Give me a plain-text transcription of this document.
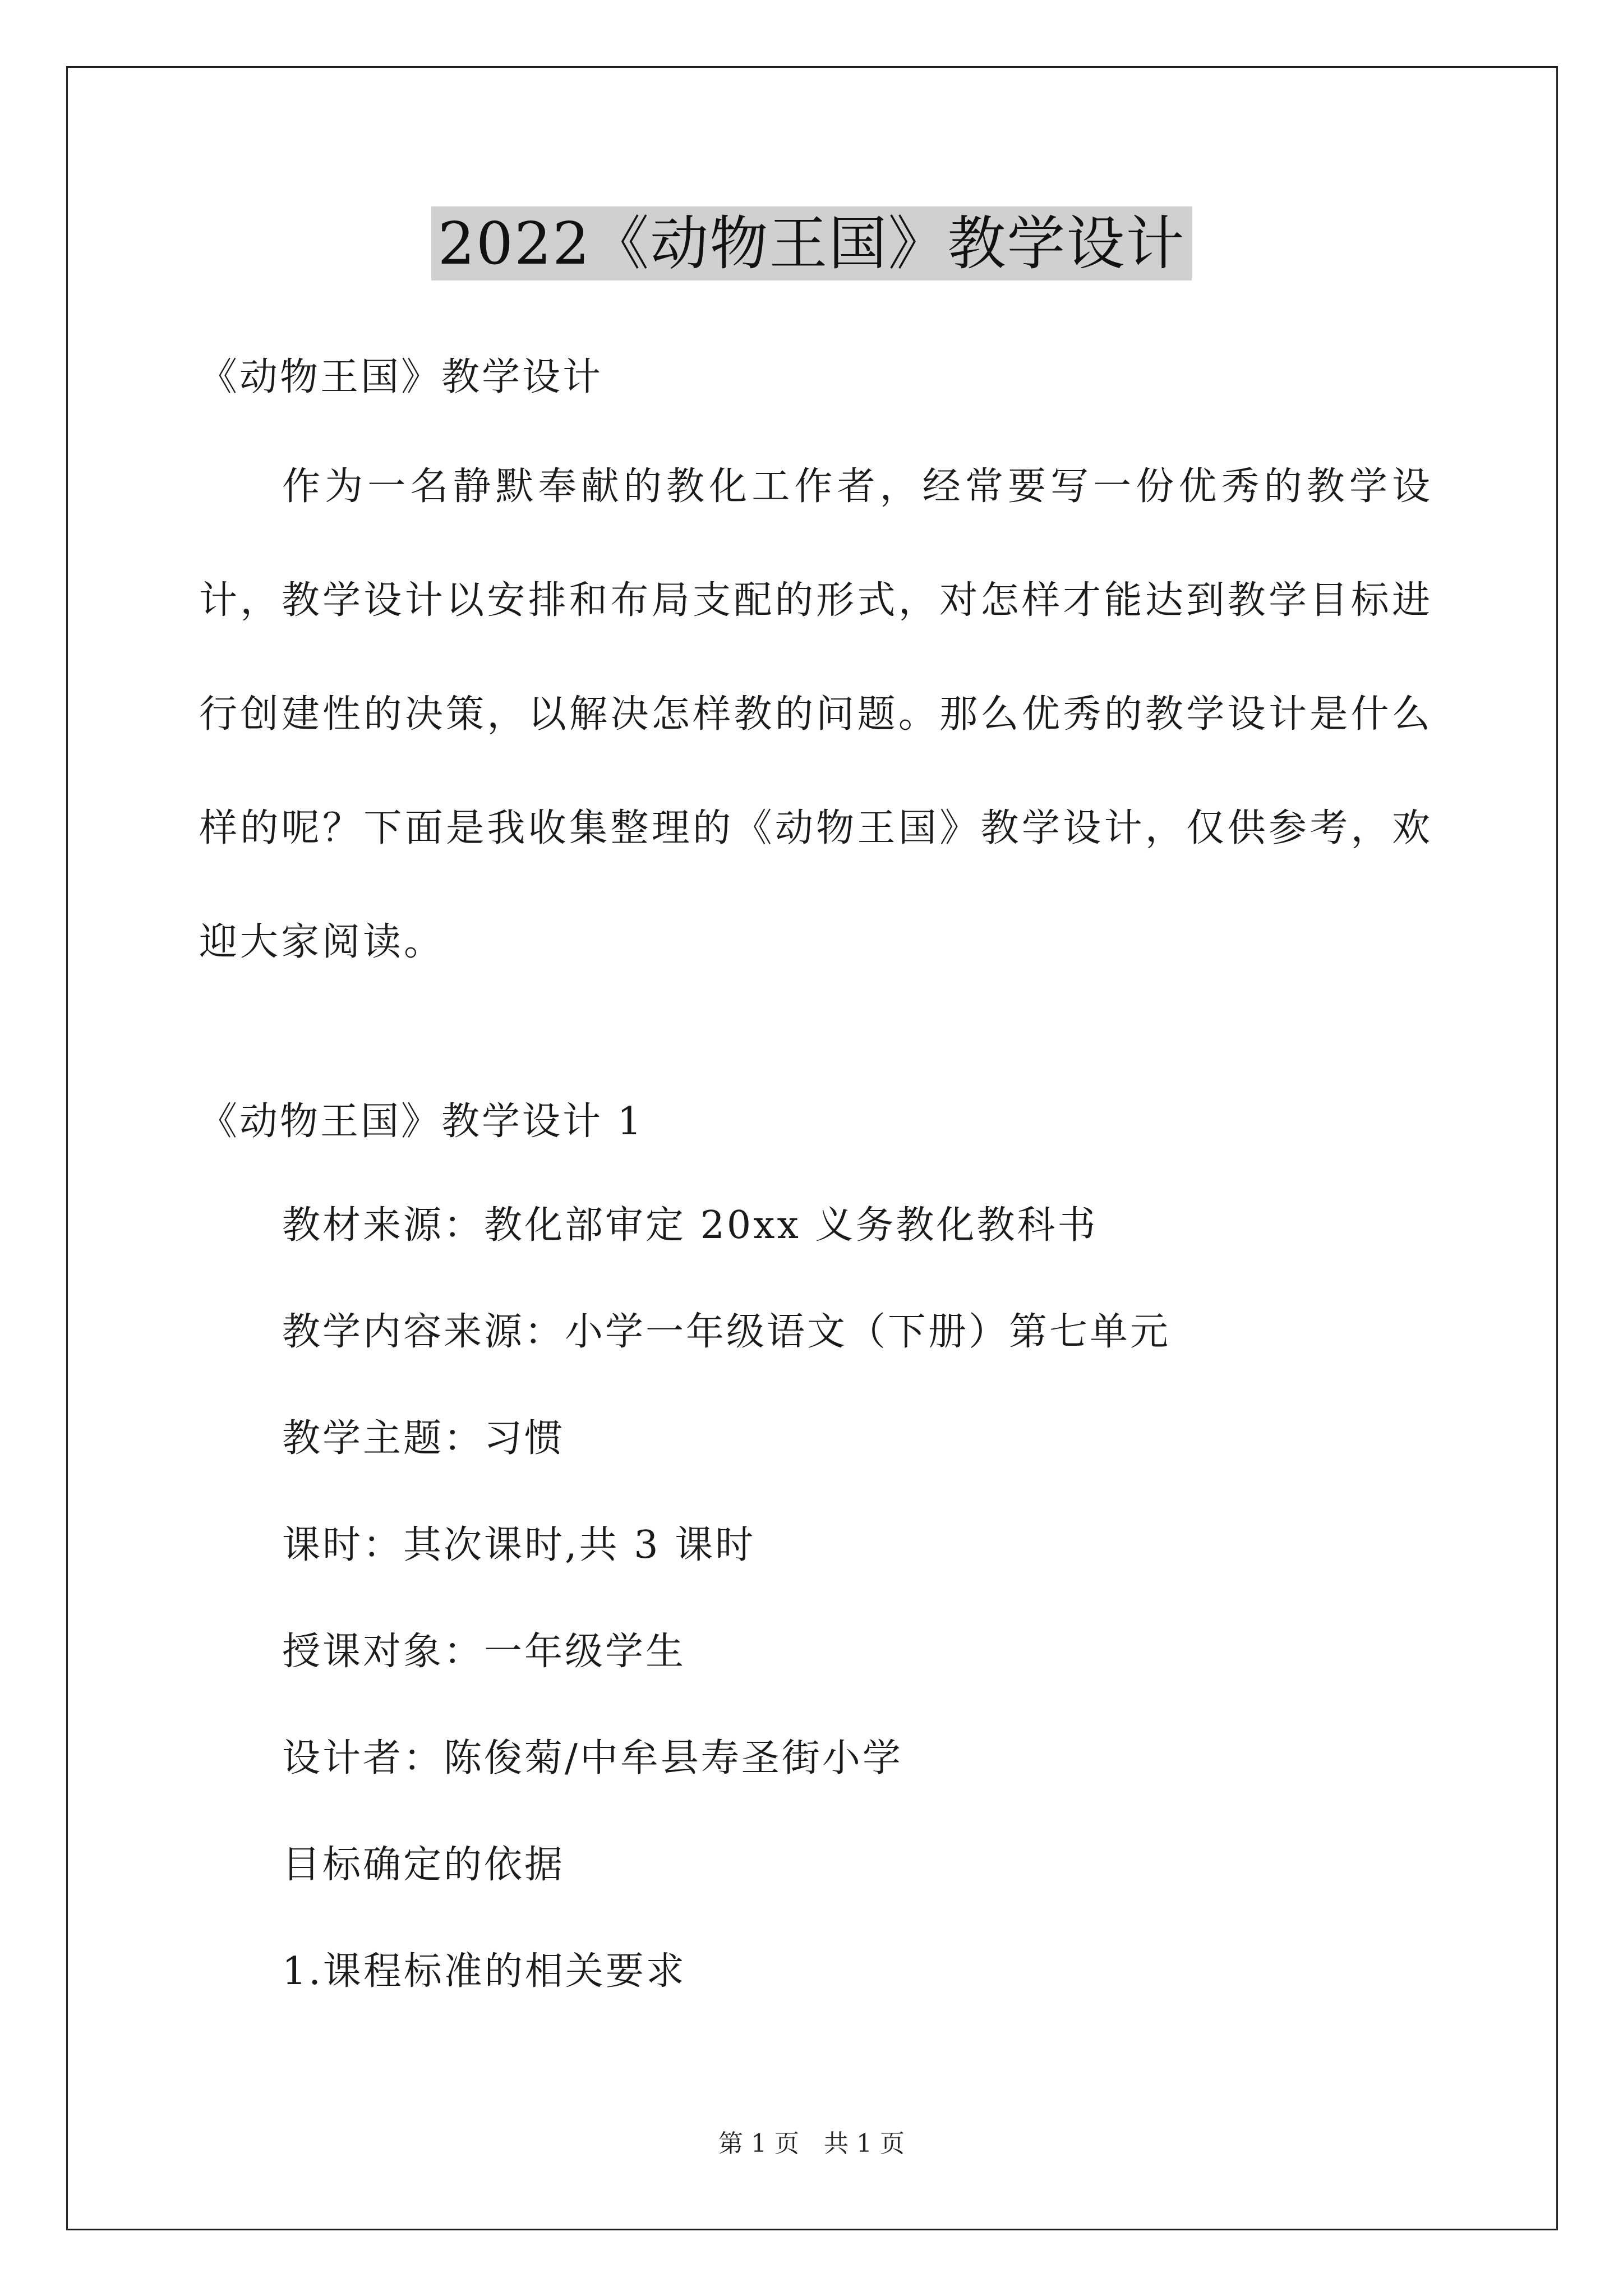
2022《动物王国》教学设计
《动物王国》教学设计
作为一名静默奉献的教化工作者，经常要写一份优秀的教学设计，教学设计以安排和布局支配的形式，对怎样才能达到教学目标进行创建性的决策，以解决怎样教的问题。那么优秀的教学设计是什么样的呢？下面是我收集整理的《动物王国》教学设计，仅供参考，欢迎大家阅读。
《动物王国》教学设计 1
教材来源：教化部审定 20xx 义务教化教科书
教学内容来源：小学一年级语文（下册）第七单元
教学主题：习惯
课时：其次课时,共 3 课时
授课对象：一年级学生
设计者：陈俊菊/中牟县寿圣街小学
目标确定的依据
1.课程标准的相关要求
第 1 页 共 1 页
